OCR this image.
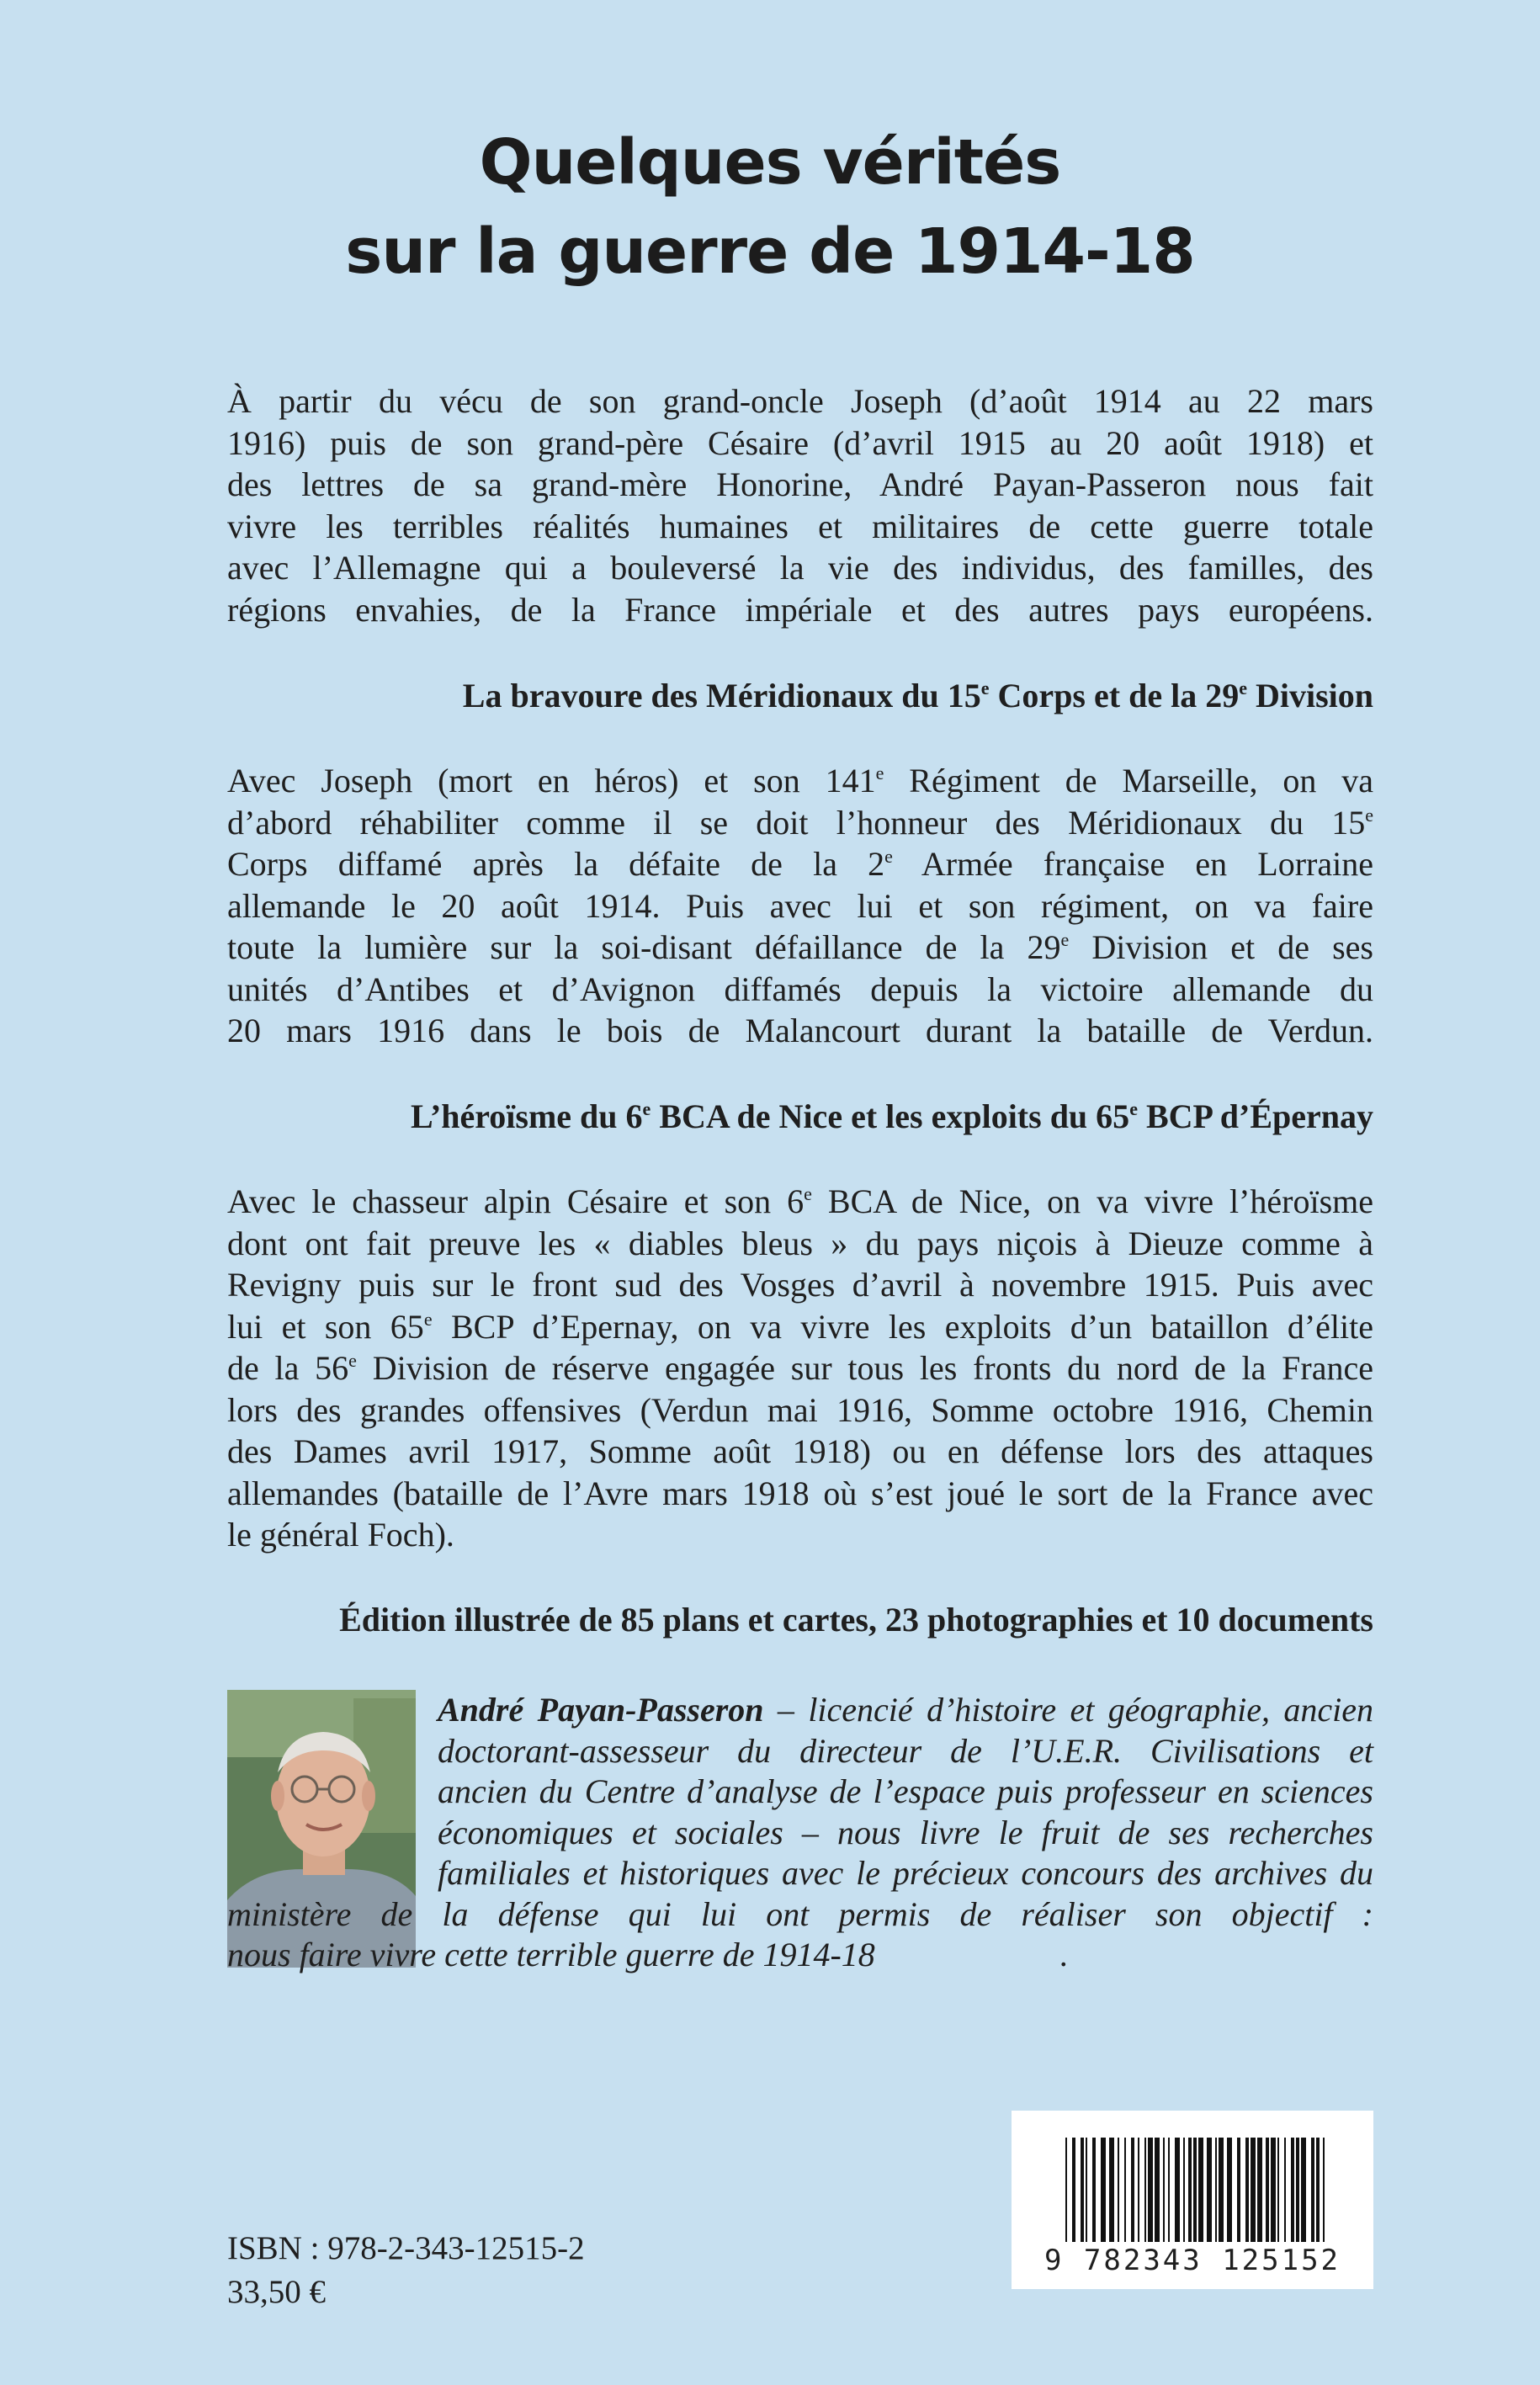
Quelques vérités
sur la guerre de 1914-18
À partir du vécu de son grand-oncle Joseph (d’août 1914 au 22 mars
1916) puis de son grand-père Césaire (d’avril 1915 au 20 août 1918) et
des lettres de sa grand-mère Honorine, André Payan-Passeron nous fait
vivre les terribles réalités humaines et militaires de cette guerre totale
avec l’Allemagne qui a bouleversé la vie des individus, des familles, des
régions envahies, de la France impériale et des autres pays européens.
La bravoure des Méridionaux du 15e Corps et de la 29e Division
Avec Joseph (mort en héros) et son 141e Régiment de Marseille, on va
d’abord réhabiliter comme il se doit l’honneur des Méridionaux du 15e
Corps diffamé après la défaite de la 2e Armée française en Lorraine
allemande le 20 août 1914. Puis avec lui et son régiment, on va faire
toute la lumière sur la soi-disant défaillance de la 29e Division et de ses
unités d’Antibes et d’Avignon diffamés depuis la victoire allemande du
20 mars 1916 dans le bois de Malancourt durant la bataille de Verdun.
L’héroïsme du 6e BCA de Nice et les exploits du 65e BCP d’Épernay
Avec le chasseur alpin Césaire et son 6e BCA de Nice, on va vivre l’héroïsme
dont ont fait preuve les « diables bleus » du pays niçois à Dieuze comme à
Revigny puis sur le front sud des Vosges d’avril à novembre 1915. Puis avec
lui et son 65e BCP d’Epernay, on va vivre les exploits d’un bataillon d’élite
de la 56e Division de réserve engagée sur tous les fronts du nord de la France
lors des grandes offensives (Verdun mai 1916, Somme octobre 1916, Chemin
des Dames avril 1917, Somme août 1918) ou en défense lors des attaques
allemandes (bataille de l’Avre mars 1918 où s’est joué le sort de la France avec
le général Foch).
Édition illustrée de 85 plans et cartes, 23 photographies et 10 documents
André Payan-Passeron – licencié d’histoire et géographie, ancien
doctorant-assesseur du directeur de l’U.E.R. Civilisations et
ancien du Centre d’analyse de l’espace puis professeur en sciences
économiques et sociales – nous livre le fruit de ses recherches
familiales et historiques avec le précieux concours des archives du
ministère de la défense qui lui ont permis de réaliser son objectif :
nous faire vivre cette terrible guerre de 1914-18	.
9 782343 125152
ISBN : 978-2-343-12515-2
33,50 €
